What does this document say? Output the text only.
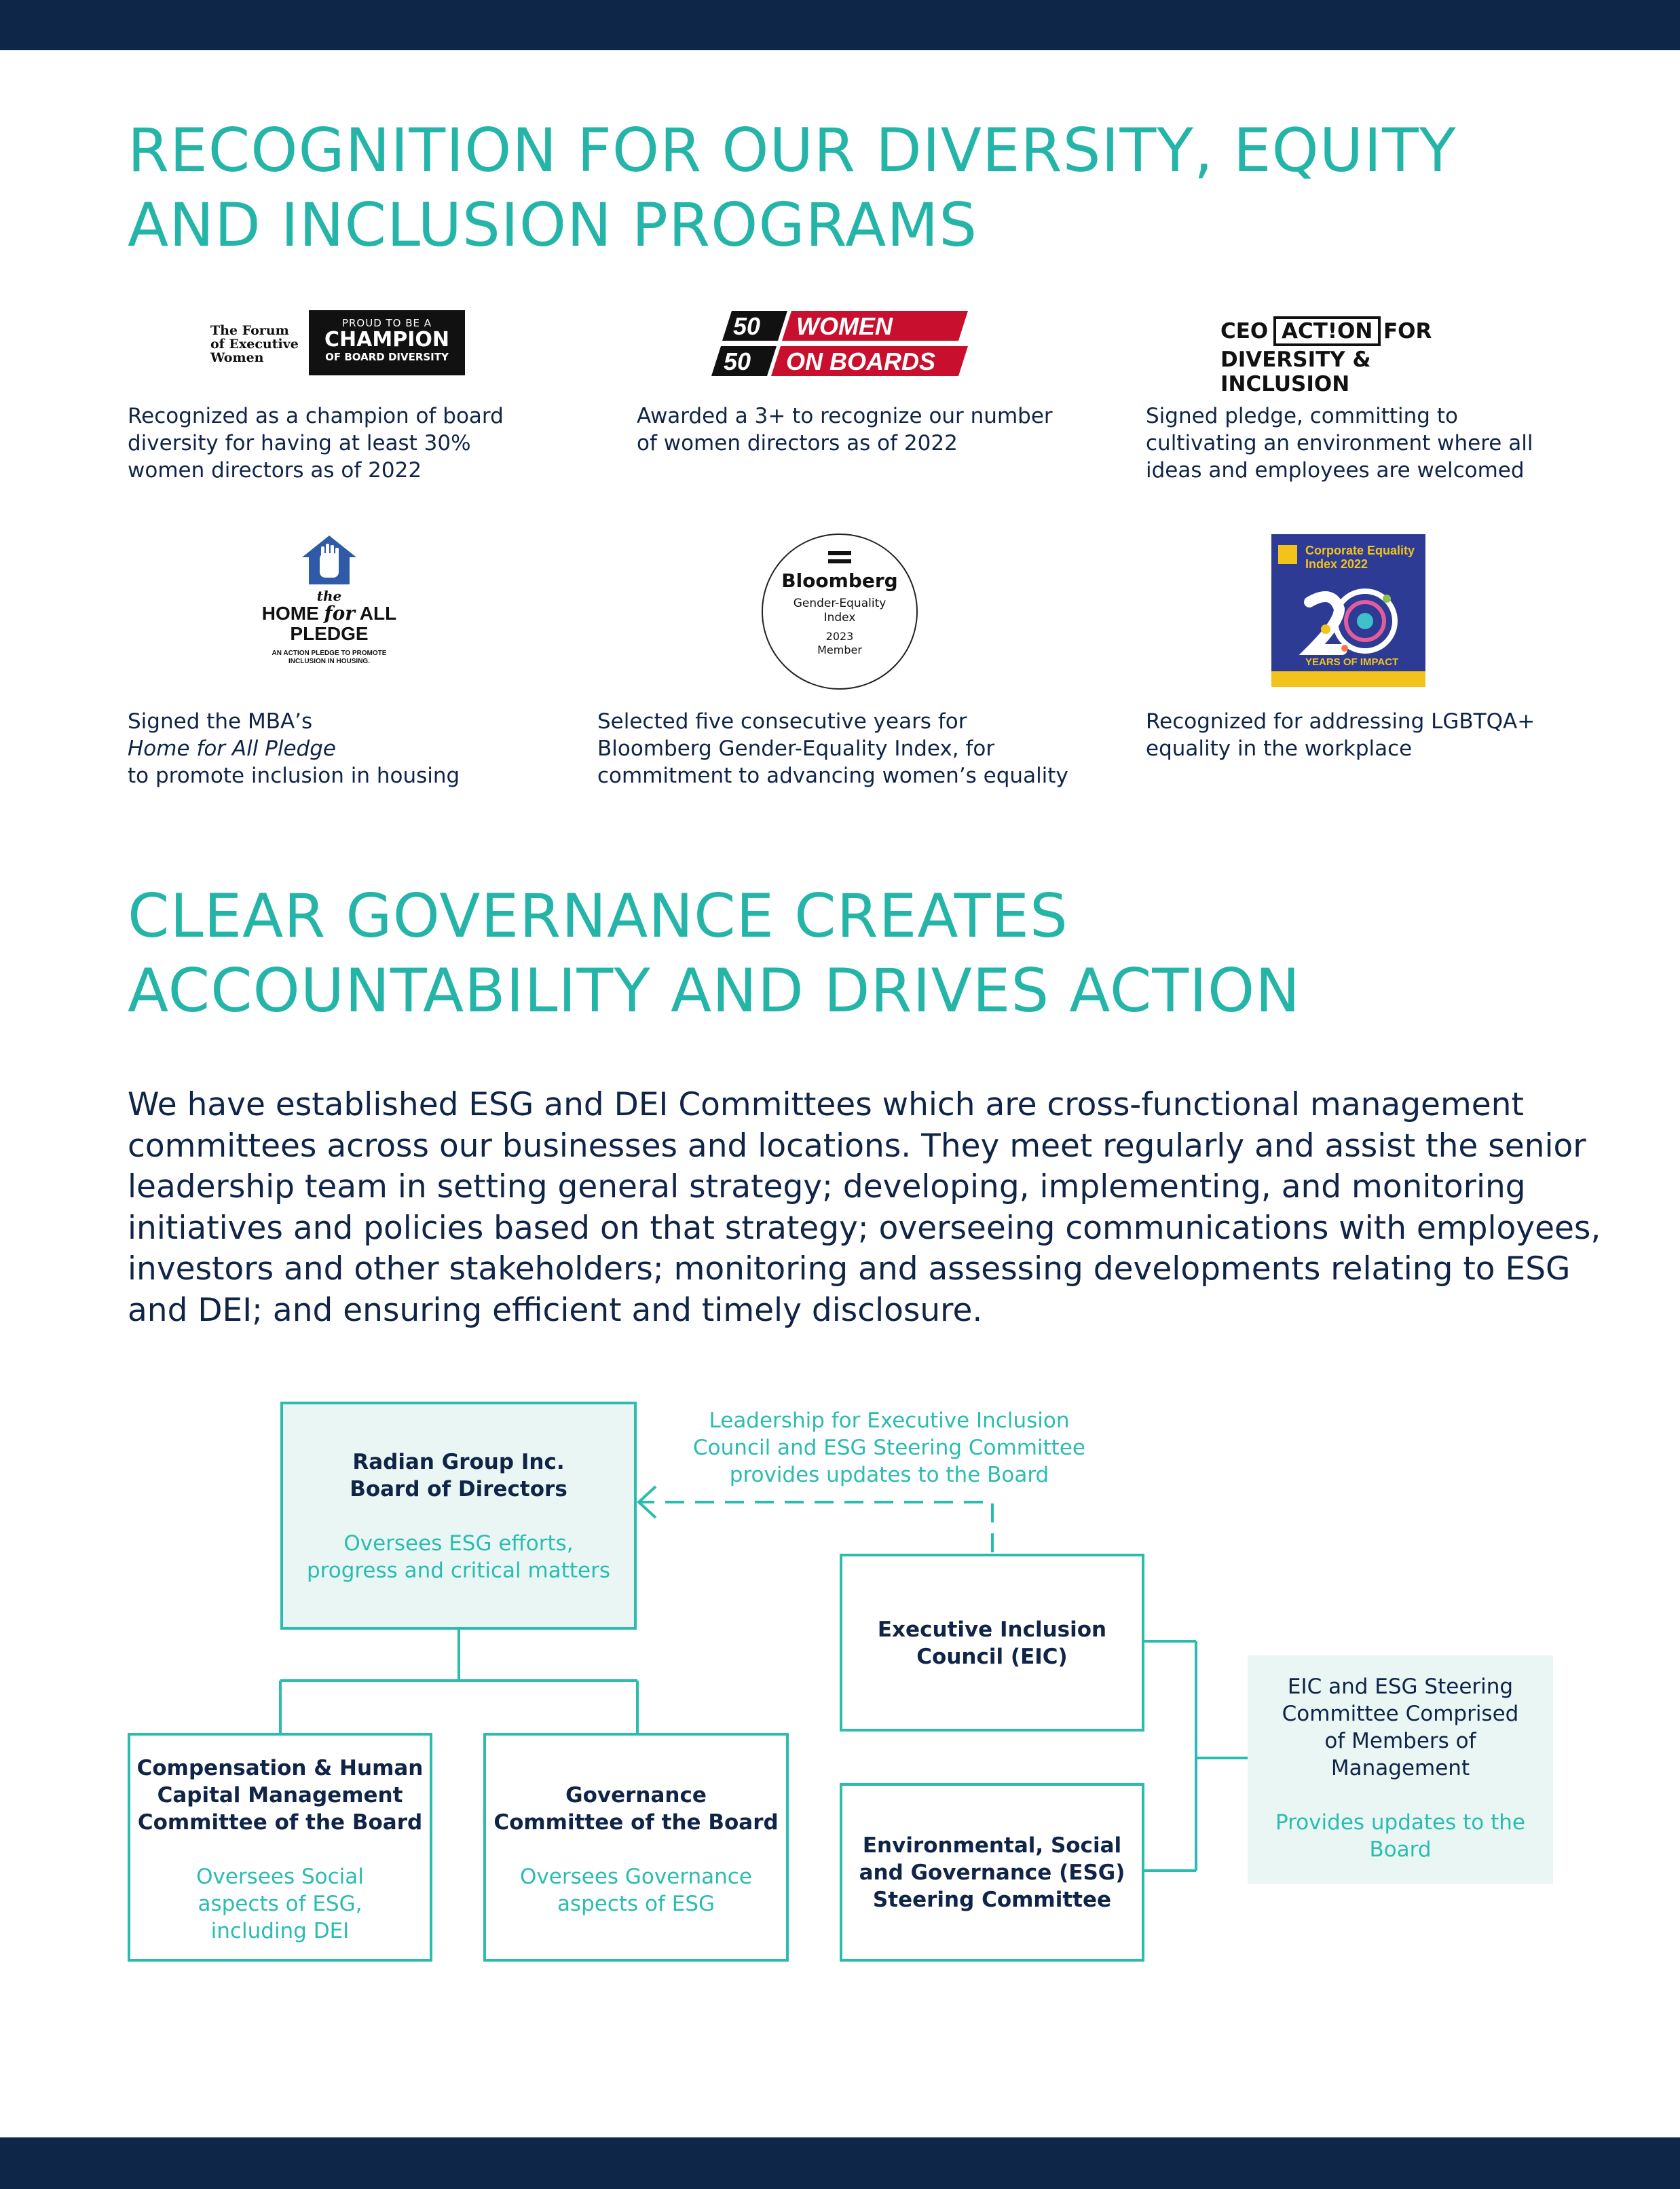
RECOGNITION FOR OUR DIVERSITY, EQUITY
AND INCLUSION PROGRAMS
The Forum
of Executive
Women
PROUD TO BE A
CHAMPION
OF BOARD DIVERSITY
50
50
WOMEN
ON BOARDS
CEO ACT!ON FOR
DIVERSITY & INCLUSION

Recognized as a champion of board
diversity for having at least 30%
women directors as of 2022

Awarded a 3+ to recognize our number
of women directors as of 2022

Signed pledge, committing to
cultivating an environment where all
ideas and employees are welcomed

the
HOME for ALL
PLEDGE
AN ACTION PLEDGE TO PROMOTE
INCLUSION IN HOUSING.
Bloomberg
Gender-Equality
Index
2023
Member
Corporate Equality
Index 2022
YEARS OF IMPACT

Signed the MBA’s
Home for All Pledge
to promote inclusion in housing

Selected five consecutive years for
Bloomberg Gender-Equality Index, for
commitment to advancing women’s equality

Recognized for addressing LGBTQA+
equality in the workplace

CLEAR GOVERNANCE CREATES
ACCOUNTABILITY AND DRIVES ACTION

We have established ESG and DEI Committees which are cross-functional management
committees across our businesses and locations. They meet regularly and assist the senior
leadership team in setting general strategy; developing, implementing, and monitoring
initiatives and policies based on that strategy; overseeing communications with employees,
investors and other stakeholders; monitoring and assessing developments relating to ESG
and DEI; and ensuring efficient and timely disclosure.

Radian Group Inc.
Board of Directors
Oversees ESG efforts,
progress and critical matters
Leadership for Executive Inclusion
Council and ESG Steering Committee
provides updates to the Board
Compensation & Human
Capital Management
Committee of the Board
Oversees Social
aspects of ESG,
including DEI
Governance
Committee of the Board
Oversees Governance
aspects of ESG
Executive Inclusion
Council (EIC)
Environmental, Social
and Governance (ESG)
Steering Committee
EIC and ESG Steering
Committee Comprised
of Members of
Management
Provides updates to the
Board
